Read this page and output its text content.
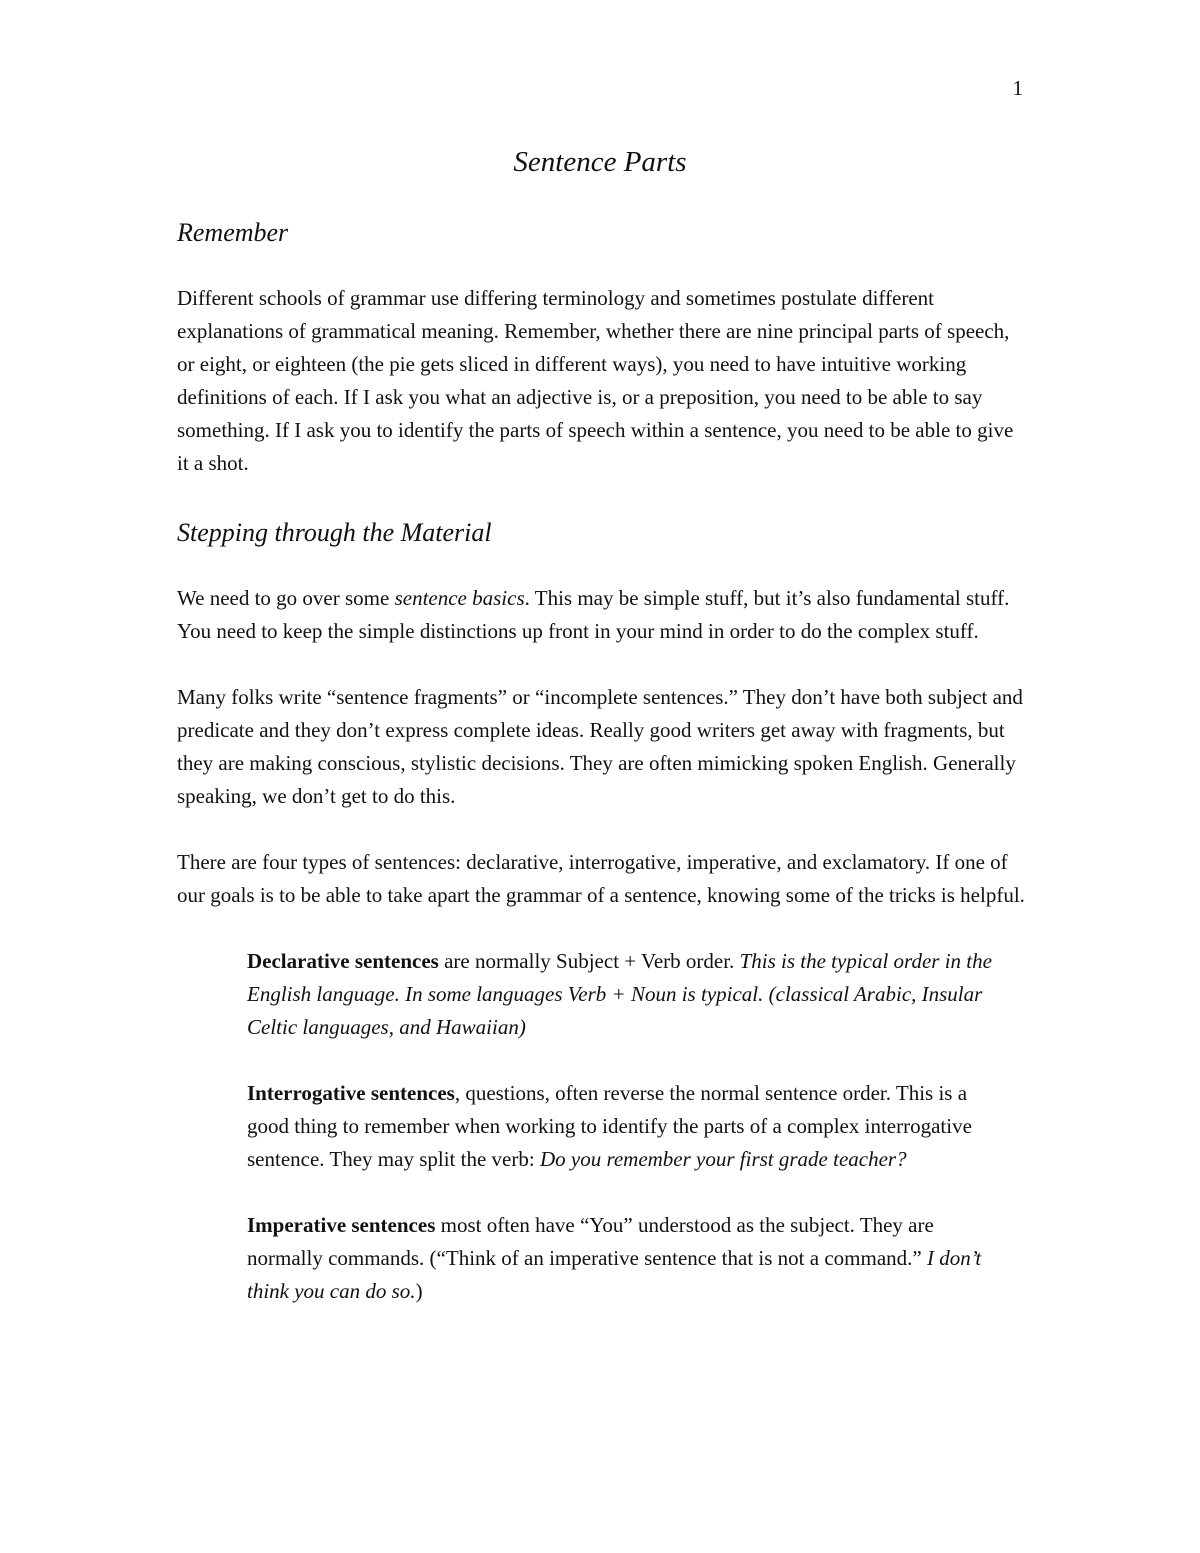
1
Sentence Parts
Remember

Different schools of grammar use differing terminology and sometimes postulate different explanations of grammatical meaning. Remember, whether there are nine principal parts of speech, or eight, or eighteen (the pie gets sliced in different ways), you need to have intuitive working definitions of each. If I ask you what an adjective is, or a preposition, you need to be able to say something. If I ask you to identify the parts of speech within a sentence, you need to be able to give it a shot.

Stepping through the Material

We need to go over some sentence basics. This may be simple stuff, but it’s also fundamental stuff. You need to keep the simple distinctions up front in your mind in order to do the complex stuff.

Many folks write “sentence fragments” or “incomplete sentences.” They don’t have both subject and predicate and they don’t express complete ideas. Really good writers get away with fragments, but they are making conscious, stylistic decisions. They are often mimicking spoken English. Generally speaking, we don’t get to do this.

There are four types of sentences: declarative, interrogative, imperative, and exclamatory. If one of our goals is to be able to take apart the grammar of a sentence, knowing some of the tricks is helpful.

Declarative sentences are normally Subject + Verb order. This is the typical order in the English language. In some languages Verb + Noun is typical. (classical Arabic, Insular Celtic languages, and Hawaiian)

Interrogative sentences, questions, often reverse the normal sentence order. This is a good thing to remember when working to identify the parts of a complex interrogative sentence. They may split the verb: Do you remember your first grade teacher?

Imperative sentences most often have “You” understood as the subject. They are normally commands. (“Think of an imperative sentence that is not a command.” I don’t think you can do so.)
